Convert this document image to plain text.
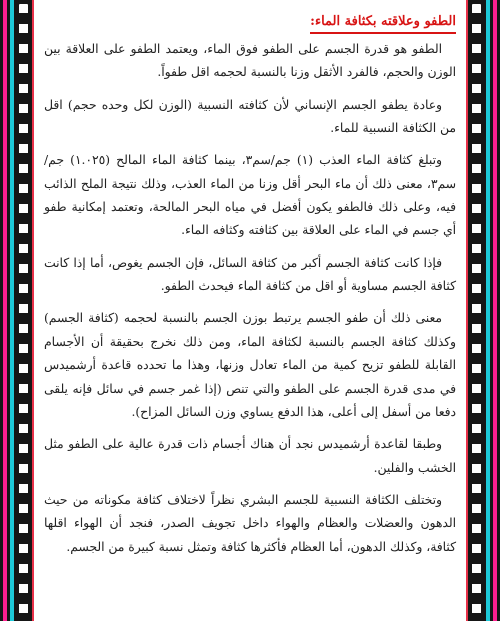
الطفو وعلاقته بكثافة الماء:

الطفو هو قدرة الجسم على الطفو فوق الماء، ويعتمد الطفو على العلاقة بين الوزن والحجم، فالفرد الأثقل وزنا بالنسبة لحجمه اقل طفواً.

وعادة يطفو الجسم الإنساني لأن كثافته النسبية (الوزن لكل وحده حجم) اقل من الكثافة النسبية للماء.

وتبلغ كثافة الماء العذب (١) جم/سم٣، بينما كثافة الماء المالح (١.٠٢٥) جم/سم٣، معنى ذلك أن ماء البحر أقل وزنا من الماء العذب، وذلك نتيجة الملح الذائب فيه، وعلى ذلك فالطفو يكون أفضل في مياه البحر المالحة، وتعتمد إمكانية طفو أي جسم في الماء على العلاقة بين كثافته وكثافه الماء.

فإذا كانت كثافة الجسم أكبر من كثافة السائل، فإن الجسم يغوص، أما إذا كانت كثافة الجسم مساوية أو اقل من كثافة الماء فيحدث الطفو.

معنى ذلك أن طفو الجسم يرتبط بوزن الجسم بالنسبة لحجمه (كثافة الجسم) وكذلك كثافة الجسم بالنسبة لكثافة الماء، ومن ذلك نخرج بحقيقة أن الأجسام القابلة للطفو تزيح كمية من الماء تعادل وزنها، وهذا ما تحدده قاعدة أرشميدس في مدى قدرة الجسم على الطفو والتي تنص (إذا غمر جسم في سائل فإنه يلقى دفعا من أسفل إلى أعلى، هذا الدفع يساوي وزن السائل المزاح).

وطبقا لقاعدة أرشميدس نجد أن هناك أجسام ذات قدرة عالية على الطفو مثل الخشب والفلين.

وتختلف الكثافة النسبية للجسم البشري نظراً لاختلاف كثافة مكوناته من حيث الدهون والعضلات والعظام والهواء داخل تجويف الصدر، فنجد أن الهواء اقلها كثافة، وكذلك الدهون، أما العظام فأكثرها كثافة وتمثل نسبة كبيرة من الجسم.
